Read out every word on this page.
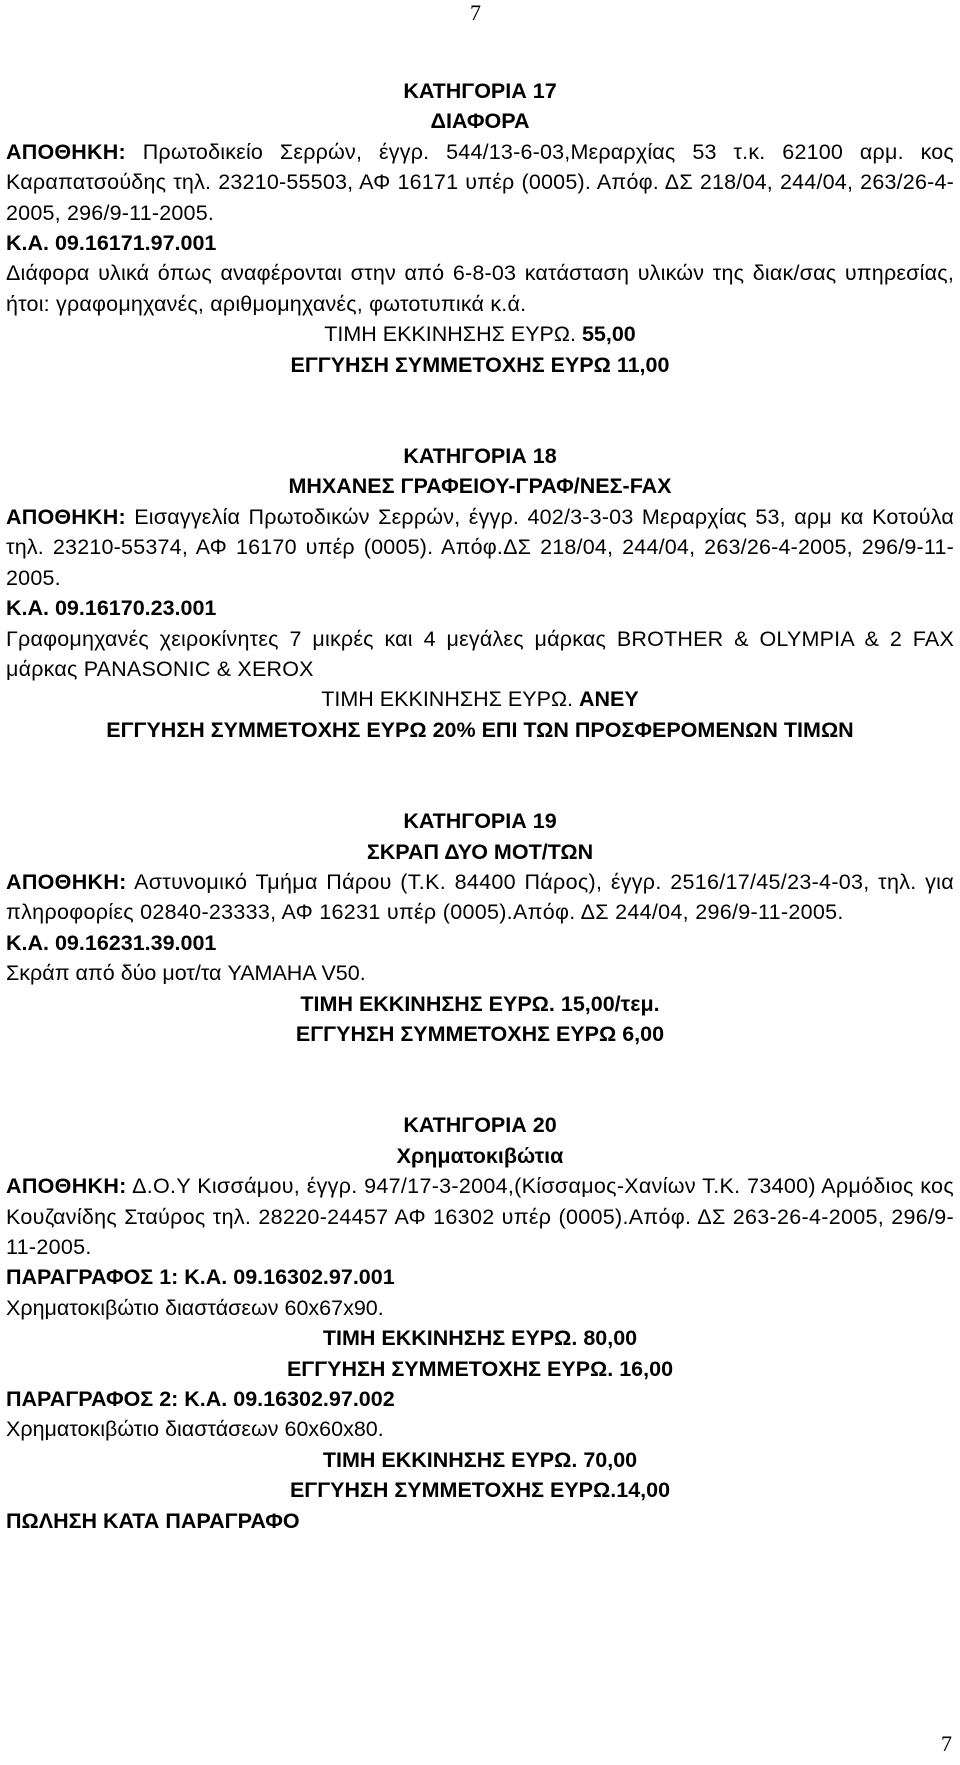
7

ΚΑΤΗΓΟΡΙΑ 17

ΔΙΑΦΟΡΑ

ΑΠΟΘΗΚΗ: Πρωτοδικείο Σερρών, έγγρ. 544/13-6-03,Μεραρχίας 53 τ.κ. 62100 αρμ. κος Καραπατσούδης τηλ. 23210-55503, ΑΦ 16171 υπέρ (0005). Απόφ. ΔΣ 218/04, 244/04, 263/26-4-2005, 296/9-11-2005.

Κ.Α. 09.16171.97.001

Διάφορα υλικά όπως αναφέρονται στην από 6-8-03 κατάσταση υλικών της διακ/σας υπηρεσίας, ήτοι: γραφομηχανές, αριθμομηχανές, φωτοτυπικά κ.ά.

ΤΙΜΗ ΕΚΚΙΝΗΣΗΣ ΕΥΡΩ. 55,00

ΕΓΓΥΗΣΗ ΣΥΜΜΕΤΟΧΗΣ ΕΥΡΩ 11,00

ΚΑΤΗΓΟΡΙΑ 18

ΜΗΧΑΝΕΣ ΓΡΑΦΕΙΟΥ-ΓΡΑΦ/ΝΕΣ-FAX

ΑΠΟΘΗΚΗ: Εισαγγελία Πρωτοδικών Σερρών, έγγρ. 402/3-3-03 Μεραρχίας 53, αρμ κα Κοτούλα τηλ. 23210-55374, ΑΦ 16170 υπέρ (0005). Απόφ.ΔΣ 218/04, 244/04, 263/26-4-2005, 296/9-11-2005.

Κ.Α. 09.16170.23.001

Γραφομηχανές χειροκίνητες 7 μικρές και 4 μεγάλες μάρκας BROTHER & OLYMPIA & 2 FAX μάρκας PANASONIC & XEROX

ΤΙΜΗ ΕΚΚΙΝΗΣΗΣ ΕΥΡΩ. ΑΝΕΥ

ΕΓΓΥΗΣΗ ΣΥΜΜΕΤΟΧΗΣ ΕΥΡΩ 20% ΕΠΙ ΤΩΝ ΠΡΟΣΦΕΡΟΜΕΝΩΝ ΤΙΜΩΝ

ΚΑΤΗΓΟΡΙΑ 19

ΣΚΡΑΠ ΔΥΟ ΜΟΤ/ΤΩΝ

ΑΠΟΘΗΚΗ: Αστυνομικό Τμήμα Πάρου (Τ.Κ. 84400 Πάρος), έγγρ. 2516/17/45/23-4-03, τηλ. για πληροφορίες 02840-23333, ΑΦ 16231 υπέρ (0005).Απόφ. ΔΣ 244/04, 296/9-11-2005.

Κ.Α. 09.16231.39.001

Σκράπ από δύο μοτ/τα YAMAHA V50.

ΤΙΜΗ ΕΚΚΙΝΗΣΗΣ ΕΥΡΩ. 15,00/τεμ.

ΕΓΓΥΗΣΗ ΣΥΜΜΕΤΟΧΗΣ ΕΥΡΩ 6,00

ΚΑΤΗΓΟΡΙΑ 20

Χρηματοκιβώτια

ΑΠΟΘΗΚΗ: Δ.Ο.Υ Κισσάμου, έγγρ. 947/17-3-2004,(Κίσσαμος-Χανίων Τ.Κ. 73400) Αρμόδιος κος Κουζανίδης Σταύρος τηλ. 28220-24457 ΑΦ 16302 υπέρ (0005).Απόφ. ΔΣ 263-26-4-2005, 296/9-11-2005.

ΠΑΡΑΓΡΑΦΟΣ 1: Κ.Α. 09.16302.97.001

Χρηματοκιβώτιο διαστάσεων 60x67x90.

ΤΙΜΗ ΕΚΚΙΝΗΣΗΣ ΕΥΡΩ. 80,00

ΕΓΓΥΗΣΗ ΣΥΜΜΕΤΟΧΗΣ ΕΥΡΩ. 16,00

ΠΑΡΑΓΡΑΦΟΣ 2: Κ.Α. 09.16302.97.002

Χρηματοκιβώτιο διαστάσεων 60x60x80.

ΤΙΜΗ ΕΚΚΙΝΗΣΗΣ ΕΥΡΩ. 70,00

ΕΓΓΥΗΣΗ ΣΥΜΜΕΤΟΧΗΣ ΕΥΡΩ.14,00

ΠΩΛΗΣΗ ΚΑΤΑ ΠΑΡΑΓΡΑΦΟ

7
